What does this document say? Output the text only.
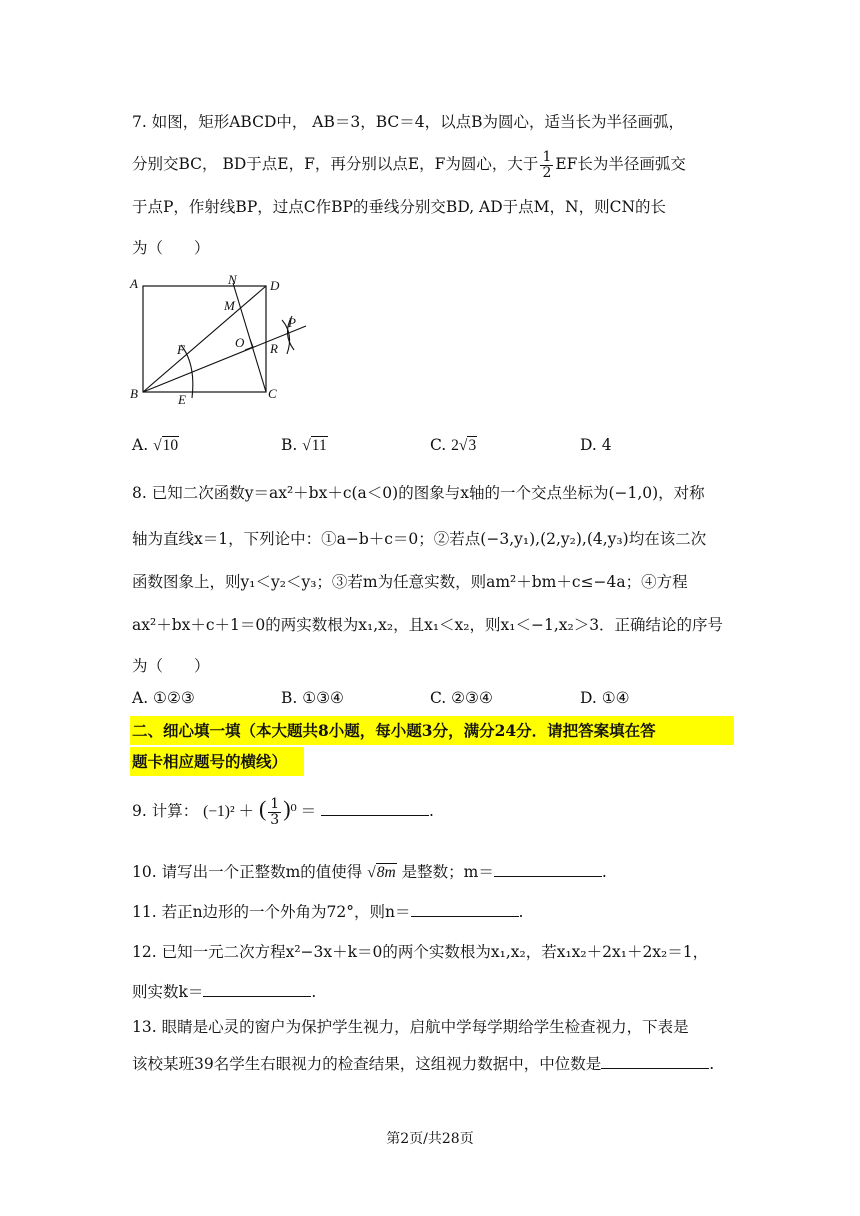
7. 如图，矩形ABCD中， AB＝3，BC＝4，以点B为圆心，适当长为半径画弧，
分别交BC， BD于点E，F，再分别以点E，F为圆心，大于 $\frac{1}{2}$ EF长为半径画弧交
于点P，作射线BP，过点C作BP的垂线分别交BD, AD于点M，N，则CN的长
为（　　）
A
B	C
D
N
M
O
P
R
F
E
A. √10	B. √11	C. 2√3	D. 4
8. 已知二次函数y＝ax²＋bx＋c(a＜0)的图象与x轴的一个交点坐标为(−1,0)，对称
轴为直线x＝1，下列论中：①a−b＋c＝0；②若点(−3,y₁),(2,y₂),(4,y₃)均在该二次
函数图象上，则y₁＜y₂＜y₃；③若m为任意实数，则am²＋bm＋c≤−4a；④方程
ax²＋bx＋c＋1＝0的两实数根为x₁,x₂，且x₁＜x₂，则x₁＜−1,x₂＞3．正确结论的序号
为（　　）
A. ①②③	B. ①③④	C. ②③④	D. ①④
二、细心填一填（本大题共8小题，每小题3分，满分24分．请把答案填在答
题卡相应题号的横线）
9. 计算： (−1)² ＋ ( $\frac{1}{3} )^0$ ＝	.
10. 请写出一个正整数m的值使得 √8m 是整数；m＝	.
11. 若正n边形的一个外角为72°，则n＝	.
12. 已知一元二次方程x²−3x＋k＝0的两个实数根为x₁,x₂，若x₁x₂＋2x₁＋2x₂＝1，
则实数k＝	.
13. 眼睛是心灵的窗户为保护学生视力，启航中学每学期给学生检查视力，下表是
该校某班39名学生右眼视力的检查结果，这组视力数据中，中位数是	.
第2页/共28页
